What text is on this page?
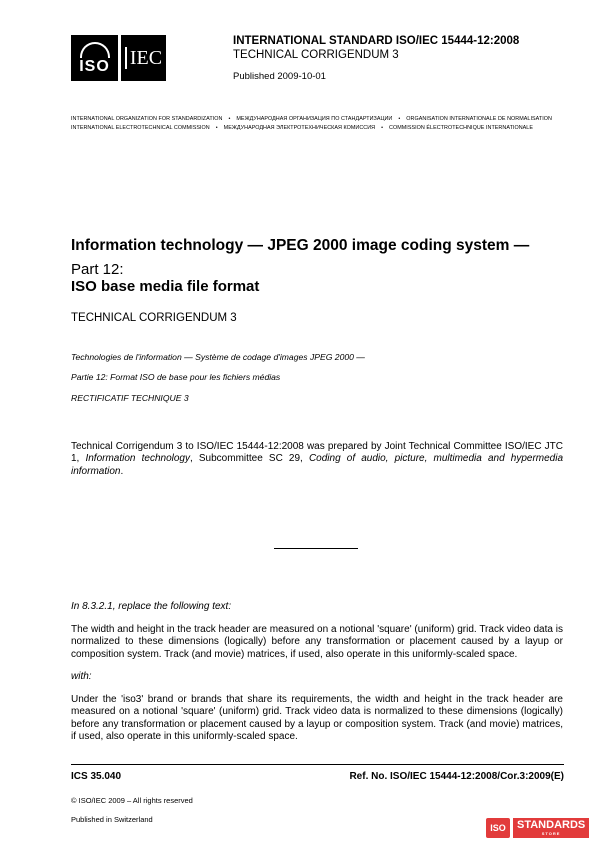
ISO IEC
INTERNATIONAL STANDARD ISO/IEC 15444-12:2008
TECHNICAL CORRIGENDUM 3
Published 2009-10-01
INTERNATIONAL ORGANIZATION FOR STANDARDIZATION • МЕЖДУНАРОДНАЯ ОРГАНИЗАЦИЯ ПО СТАНДАРТИЗАЦИИ • ORGANISATION INTERNATIONALE DE NORMALISATION
INTERNATIONAL ELECTROTECHNICAL COMMISSION • МЕЖДУНАРОДНАЯ ЭЛЕКТРОТЕХНИЧЕСКАЯ КОМИССИЯ • COMMISSION ÉLECTROTECHNIQUE INTERNATIONALE
Information technology — JPEG 2000 image coding system —
Part 12:
ISO base media file format
TECHNICAL CORRIGENDUM 3
Technologies de l'information — Système de codage d'images JPEG 2000 —
Partie 12: Format ISO de base pour les fichiers médias
RECTIFICATIF TECHNIQUE 3
Technical Corrigendum 3 to ISO/IEC 15444-12:2008 was prepared by Joint Technical Committee ISO/IEC JTC 1, Information technology, Subcommittee SC 29, Coding of audio, picture, multimedia and hypermedia information.
In 8.3.2.1, replace the following text:
The width and height in the track header are measured on a notional 'square' (uniform) grid. Track video data is normalized to these dimensions (logically) before any transformation or placement caused by a layup or composition system. Track (and movie) matrices, if used, also operate in this uniformly-scaled space.
with:
Under the 'iso3' brand or brands that share its requirements, the width and height in the track header are measured on a notional 'square' (uniform) grid. Track video data is normalized to these dimensions (logically) before any transformation or placement caused by a layup or composition system. Track (and movie) matrices, if used, also operate in this uniformly-scaled space.
ICS 35.040	Ref. No. ISO/IEC 15444-12:2008/Cor.3:2009(E)
© ISO/IEC 2009 – All rights reserved
Published in Switzerland
ISO	STANDARDS
STORE
